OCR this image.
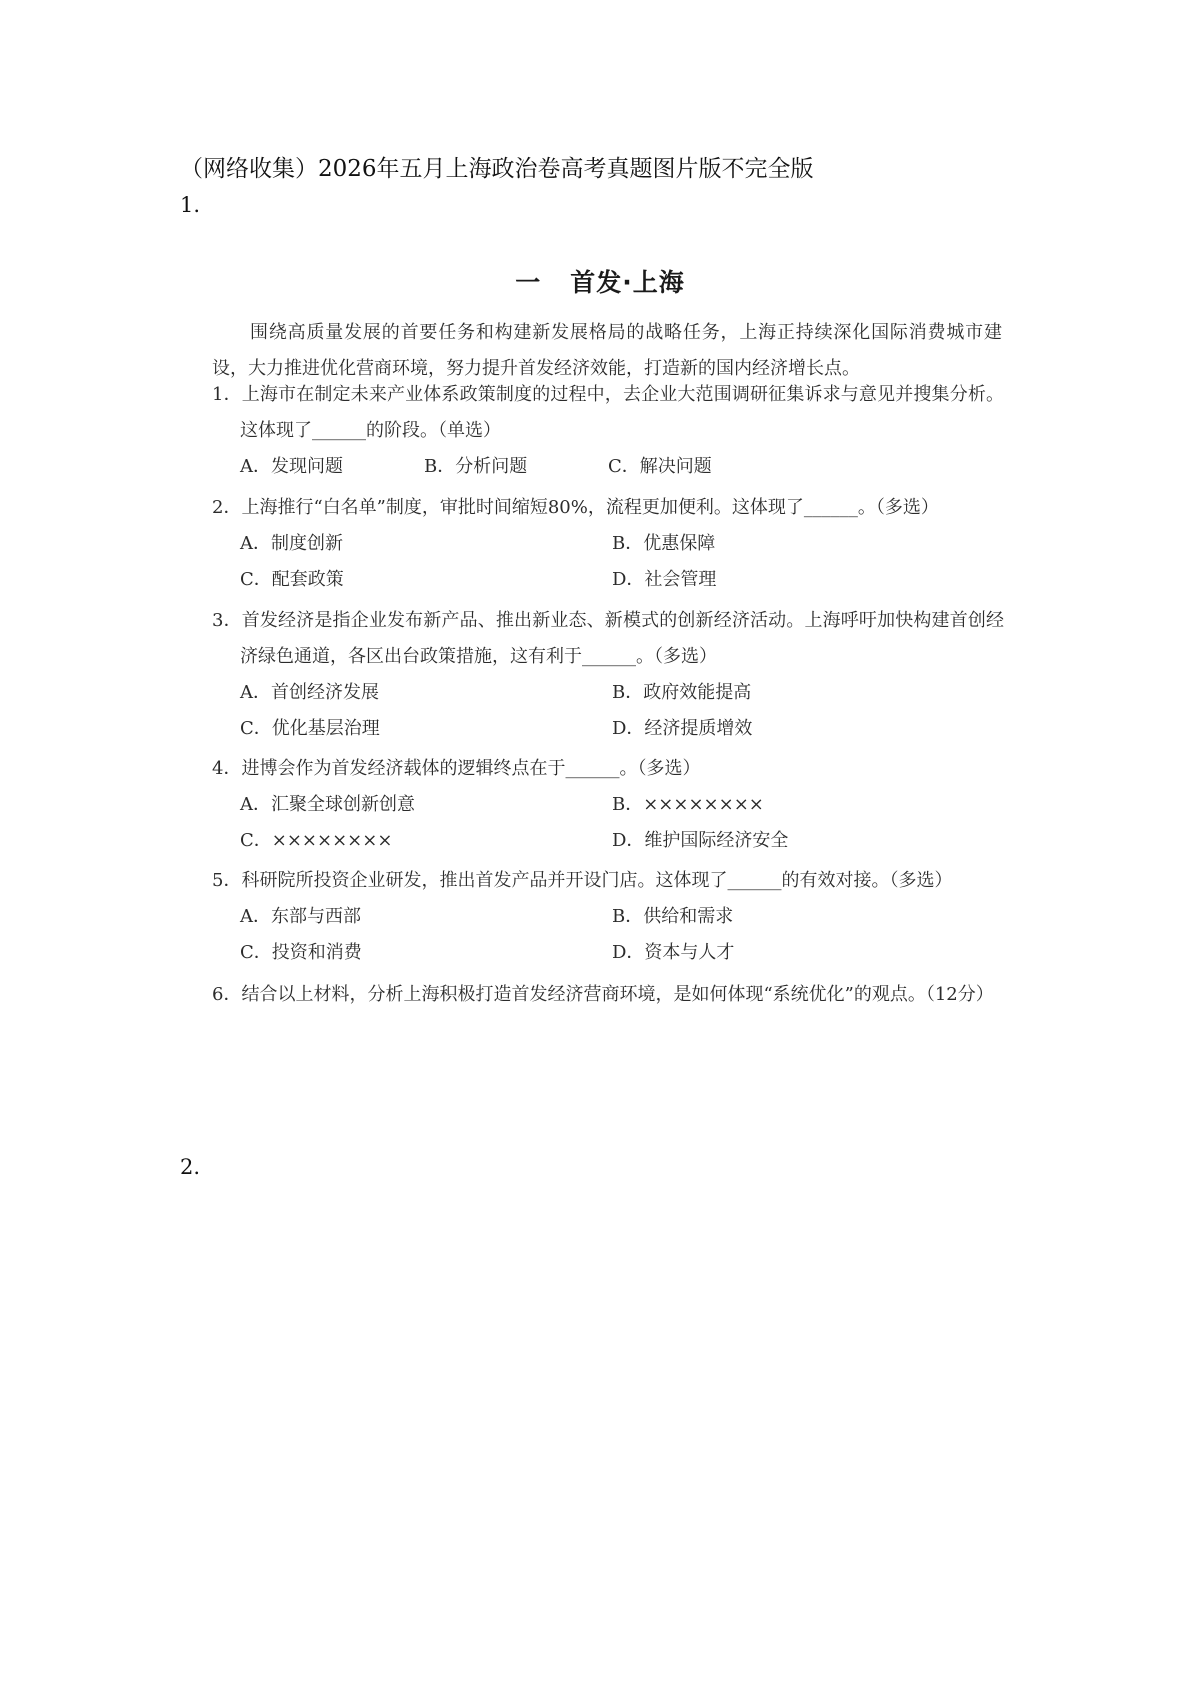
（网络收集）2026年五月上海政治卷高考真题图片版不完全版
1.
一   首发·上海
围绕高质量发展的首要任务和构建新发展格局的战略任务，上海正持续深化国际消费城市建设，大力推进优化营商环境，努力提升首发经济效能，打造新的国内经济增长点。
1．上海市在制定未来产业体系政策制度的过程中，去企业大范围调研征集诉求与意见并搜集分析。这体现了______的阶段。（单选）
A．发现问题	B．分析问题	C．解决问题
2．上海推行“白名单”制度，审批时间缩短80%，流程更加便利。这体现了______。（多选）
A．制度创新	B．优惠保障
C．配套政策	D．社会管理
3．首发经济是指企业发布新产品、推出新业态、新模式的创新经济活动。上海呼吁加快构建首创经济绿色通道，各区出台政策措施，这有利于______。（多选）
A．首创经济发展	B．政府效能提高
C．优化基层治理	D．经济提质增效
4．进博会作为首发经济载体的逻辑终点在于______。（多选）
A．汇聚全球创新创意	B．××××××××
C．××××××××	D．维护国际经济安全
5．科研院所投资企业研发，推出首发产品并开设门店。这体现了______的有效对接。（多选）
A．东部与西部	B．供给和需求
C．投资和消费	D．资本与人才
6．结合以上材料，分析上海积极打造首发经济营商环境，是如何体现“系统优化”的观点。（12分）
2.
